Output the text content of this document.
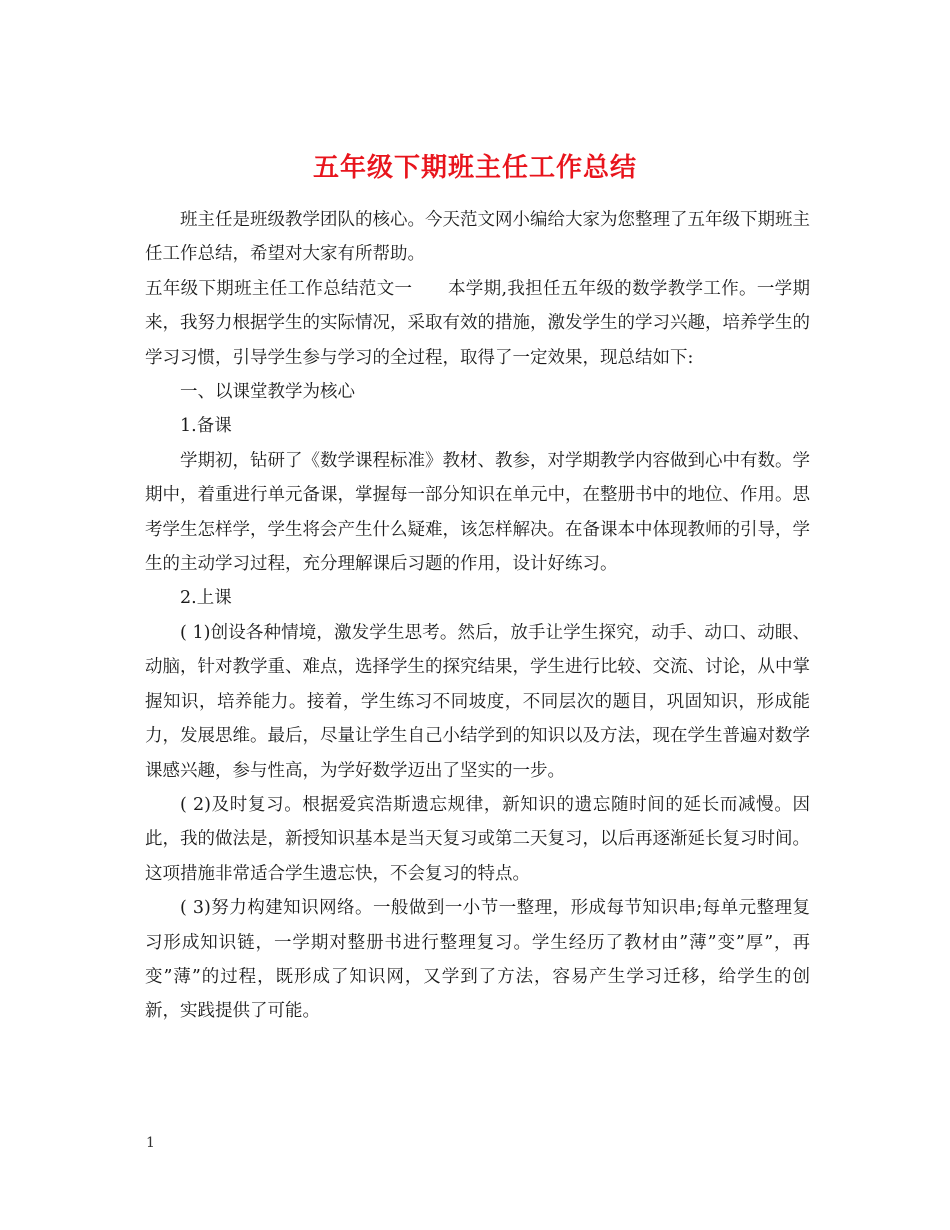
五年级下期班主任工作总结

班主任是班级教学团队的核心。今天范文网小编给大家为您整理了五年级下期班主任工作总结，希望对大家有所帮助。

五年级下期班主任工作总结范文一　　本学期,我担任五年级的数学教学工作。一学期来，我努力根据学生的实际情况，采取有效的措施，激发学生的学习兴趣，培养学生的学习习惯，引导学生参与学习的全过程，取得了一定效果，现总结如下:

一、以课堂教学为核心

1.备课

学期初，钻研了《数学课程标准》教材、教参，对学期教学内容做到心中有数。学期中，着重进行单元备课，掌握每一部分知识在单元中，在整册书中的地位、作用。思考学生怎样学，学生将会产生什么疑难，该怎样解决。在备课本中体现教师的引导，学生的主动学习过程，充分理解课后习题的作用，设计好练习。

2.上课

( 1)创设各种情境，激发学生思考。然后，放手让学生探究，动手、动口、动眼、动脑，针对教学重、难点，选择学生的探究结果，学生进行比较、交流、讨论，从中掌握知识，培养能力。接着，学生练习不同坡度，不同层次的题目，巩固知识，形成能力，发展思维。最后，尽量让学生自己小结学到的知识以及方法，现在学生普遍对数学课感兴趣，参与性高，为学好数学迈出了坚实的一步。

( 2)及时复习。根据爱宾浩斯遗忘规律，新知识的遗忘随时间的延长而减慢。因此，我的做法是，新授知识基本是当天复习或第二天复习，以后再逐渐延长复习时间。这项措施非常适合学生遗忘快，不会复习的特点。

( 3)努力构建知识网络。一般做到一小节一整理，形成每节知识串;每单元整理复习形成知识链，一学期对整册书进行整理复习。学生经历了教材由”薄”变”厚”，再变”薄”的过程，既形成了知识网，又学到了方法，容易产生学习迁移，给学生的创新，实践提供了可能。

1
